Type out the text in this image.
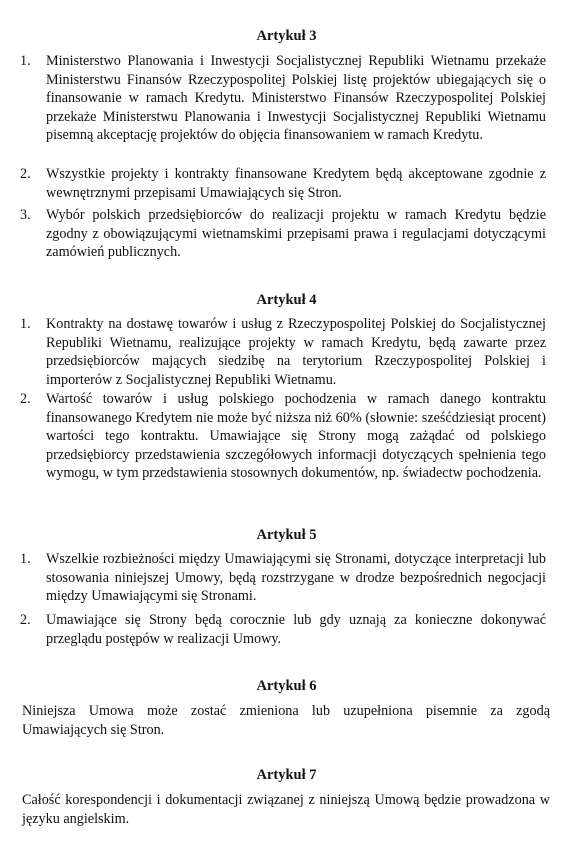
Artykuł 3
1. Ministerstwo Planowania i Inwestycji Socjalistycznej Republiki Wietnamu przekaże Ministerstwu Finansów Rzeczypospolitej Polskiej listę projektów ubiegających się o finansowanie w ramach Kredytu. Ministerstwo Finansów Rzeczypospolitej Polskiej przekaże Ministerstwu Planowania i Inwestycji Socjalistycznej Republiki Wietnamu pisemną akceptację projektów do objęcia finansowaniem w ramach Kredytu.
2. Wszystkie projekty i kontrakty finansowane Kredytem będą akceptowane zgodnie z wewnętrznymi przepisami Umawiających się Stron.
3. Wybór polskich przedsiębiorców do realizacji projektu w ramach Kredytu będzie zgodny z obowiązującymi wietnamskimi przepisami prawa i regulacjami dotyczącymi zamówień publicznych.
Artykuł 4
1. Kontrakty na dostawę towarów i usług z Rzeczypospolitej Polskiej do Socjalistycznej Republiki Wietnamu, realizujące projekty w ramach Kredytu, będą zawarte przez przedsiębiorców mających siedzibę na terytorium Rzeczypospolitej Polskiej i importerów z Socjalistycznej Republiki Wietnamu.
2. Wartość towarów i usług polskiego pochodzenia w ramach danego kontraktu finansowanego Kredytem nie może być niższa niż 60% (słownie: sześćdziesiąt procent) wartości tego kontraktu. Umawiające się Strony mogą zażądać od polskiego przedsiębiorcy przedstawienia szczegółowych informacji dotyczących spełnienia tego wymogu, w tym przedstawienia stosownych dokumentów, np. świadectw pochodzenia.
Artykuł 5
1. Wszelkie rozbieżności między Umawiającymi się Stronami, dotyczące interpretacji lub stosowania niniejszej Umowy, będą rozstrzygane w drodze bezpośrednich negocjacji między Umawiającymi się Stronami.
2. Umawiające się Strony będą corocznie lub gdy uznają za konieczne dokonywać przeglądu postępów w realizacji Umowy.
Artykuł 6
Niniejsza Umowa może zostać zmieniona lub uzupełniona pisemnie za zgodą Umawiających się Stron.
Artykuł 7
Całość korespondencji i dokumentacji związanej z niniejszą Umową będzie prowadzona w języku angielskim.
